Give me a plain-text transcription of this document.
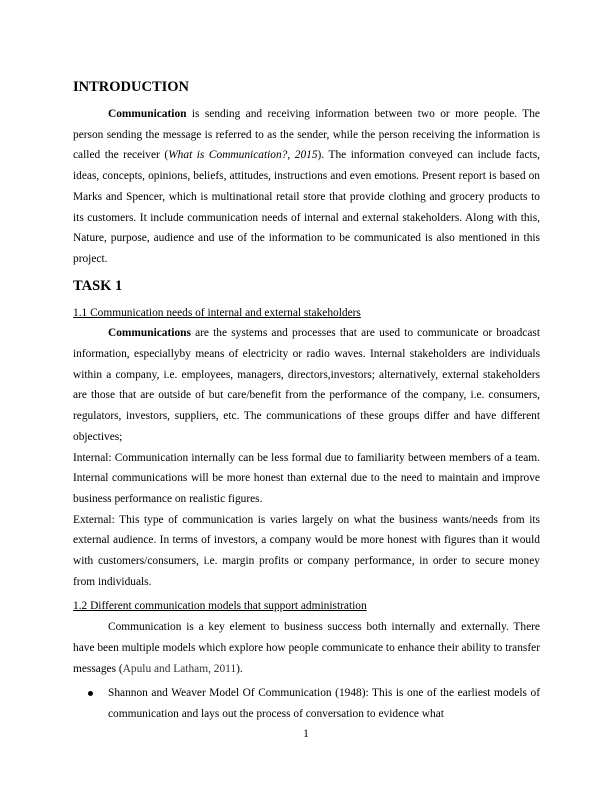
INTRODUCTION

Communication is sending and receiving information between two or more people. The person sending the message is referred to as the sender, while the person receiving the information is called the receiver (What is Communication?, 2015). The information conveyed can include facts, ideas, concepts, opinions, beliefs, attitudes, instructions and even emotions. Present report is based on Marks and Spencer, which is multinational retail store that provide clothing and grocery products to its customers. It include communication needs of internal and external stakeholders. Along with this, Nature, purpose, audience and use of the information to be communicated is also mentioned in this project.

TASK 1

1.1 Communication needs of internal and external stakeholders

Communications are the systems and processes that are used to communicate or broadcast information, especiallyby means of electricity or radio waves. Internal stakeholders are individuals within a company, i.e. employees, managers, directors,investors; alternatively, external stakeholders are those that are outside of but care/benefit from the performance of the company, i.e. consumers, regulators, investors, suppliers, etc. The communications of these groups differ and have different objectives;

Internal: Communication internally can be less formal due to familiarity between members of a team. Internal communications will be more honest than external due to the need to maintain and improve business performance on realistic figures.

External: This type of communication is varies largely on what the business wants/needs from its external audience. In terms of investors, a company would be more honest with figures than it would with customers/consumers, i.e. margin profits or company performance, in order to secure money from individuals.

1.2 Different communication models that support administration

Communication is a key element to business success both internally and externally. There have been multiple models which explore how people communicate to enhance their ability to transfer messages (Apulu and Latham, 2011).

Shannon and Weaver Model Of Communication (1948): This is one of the earliest models of communication and lays out the process of conversation to evidence what
1
